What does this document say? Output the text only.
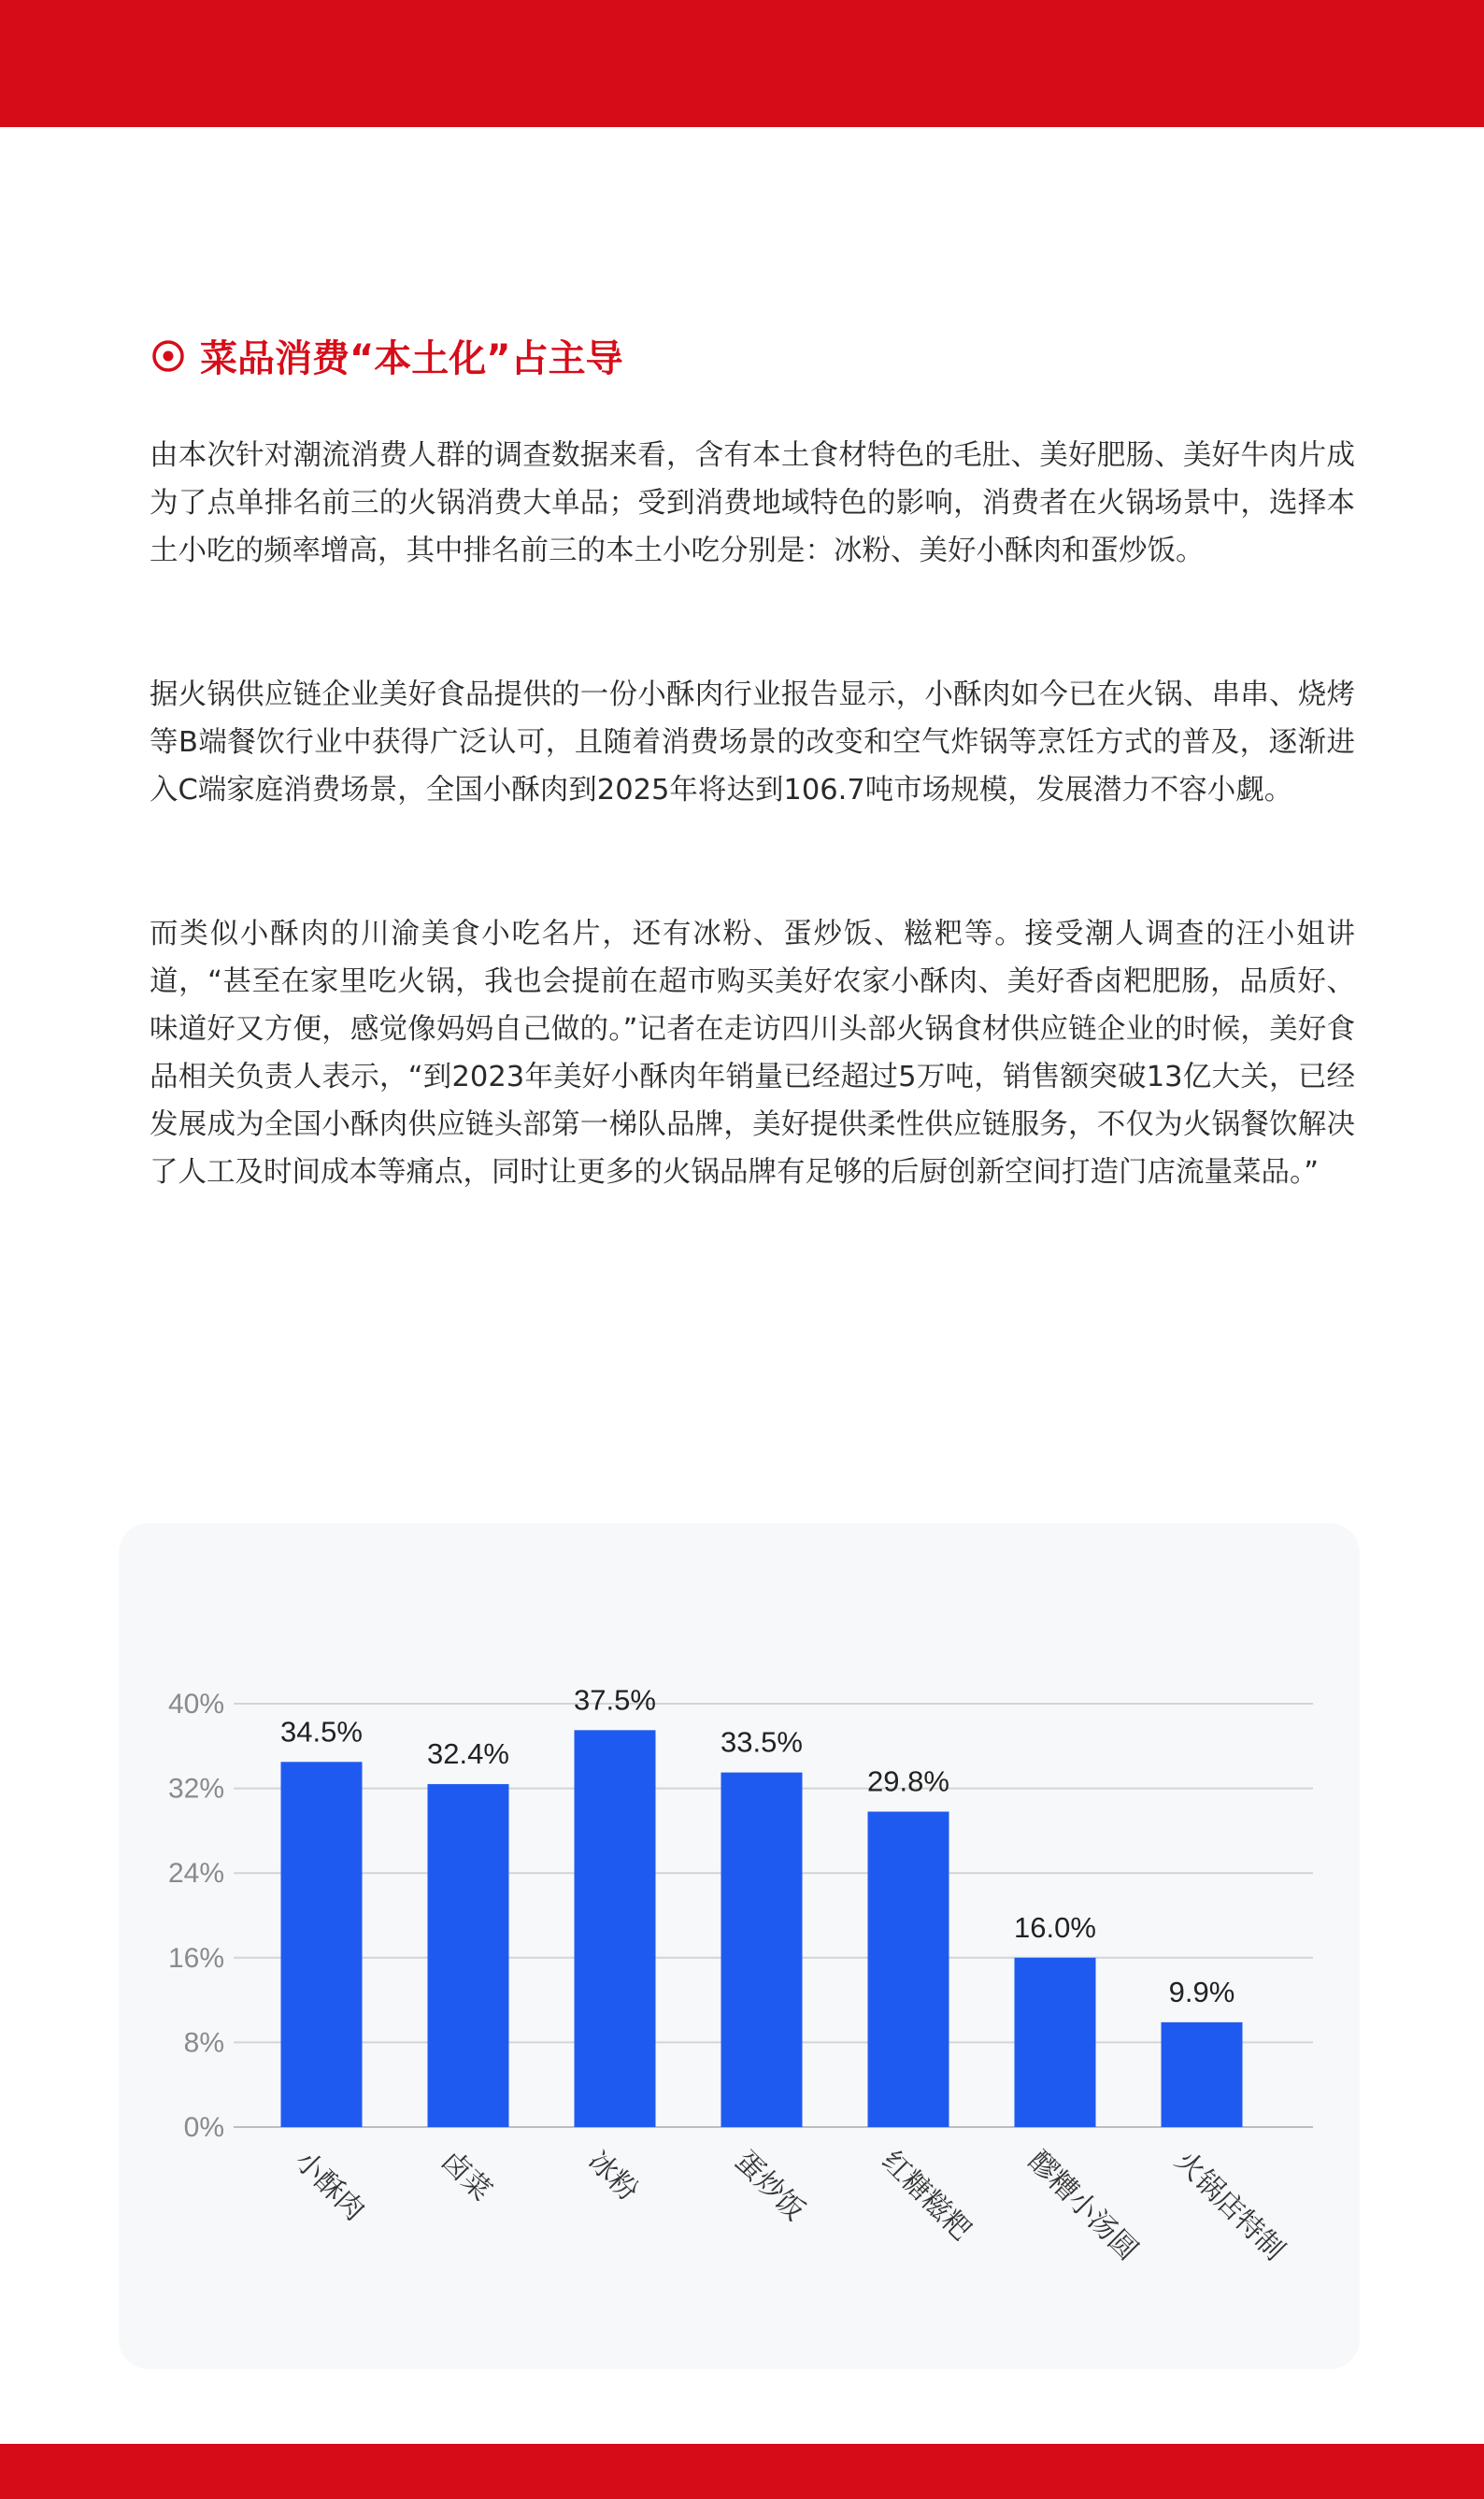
菜品消费“本土化”占主导

由本次针对潮流消费人群的调查数据来看，含有本土食材特色的毛肚、美好肥肠、美好牛肉片成为了点单排名前三的火锅消费大单品；受到消费地域特色的影响，消费者在火锅场景中，选择本土小吃的频率增高，其中排名前三的本土小吃分别是：冰粉、美好小酥肉和蛋炒饭。

据火锅供应链企业美好食品提供的一份小酥肉行业报告显示，小酥肉如今已在火锅、串串、烧烤等B端餐饮行业中获得广泛认可，且随着消费场景的改变和空气炸锅等烹饪方式的普及，逐渐进入C端家庭消费场景，全国小酥肉到2025年将达到106.7吨市场规模，发展潜力不容小觑。

而类似小酥肉的川渝美食小吃名片，还有冰粉、蛋炒饭、糍粑等。接受潮人调查的汪小姐讲道，“甚至在家里吃火锅，我也会提前在超市购买美好农家小酥肉、美好香卤粑肥肠，品质好、味道好又方便，感觉像妈妈自己做的。”记者在走访四川头部火锅食材供应链企业的时候，美好食品相关负责人表示，“到2023年美好小酥肉年销量已经超过5万吨，销售额突破13亿大关，已经发展成为全国小酥肉供应链头部第一梯队品牌，美好提供柔性供应链服务，不仅为火锅餐饮解决了人工及时间成本等痛点，同时让更多的火锅品牌有足够的后厨创新空间打造门店流量菜品。”

0%
8%
16%
24%
32%
40%
34.5%
小酥肉
32.4%
卤菜
37.5%
冰粉
33.5%
蛋炒饭
29.8%
红糖糍粑
16.0%
醪糟小汤圆
9.9%
火锅店特制
